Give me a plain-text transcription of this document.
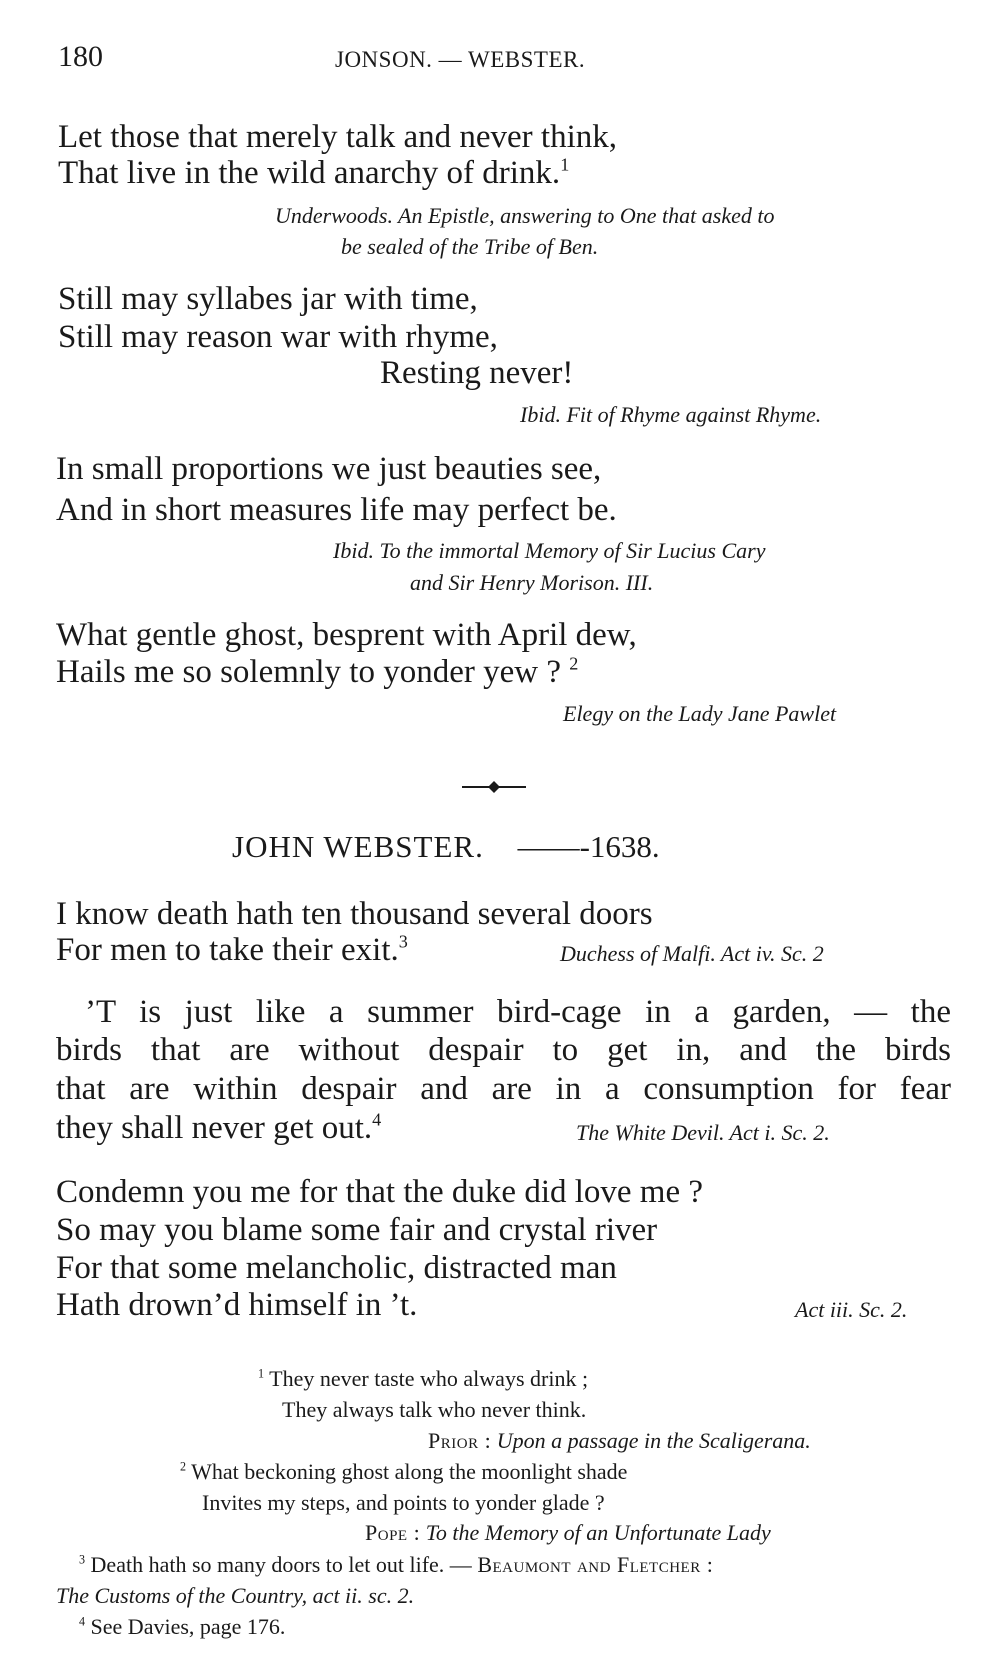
180	JONSON. — WEBSTER.
Let those that merely talk and never think,
That live in the wild anarchy of drink.$^1$
Underwoods. An Epistle, answering to One that asked to
be sealed of the Tribe of Ben.
Still may syllabes jar with time,
Still may reason war with rhyme,
Resting never!
Ibid. Fit of Rhyme against Rhyme.
In small proportions we just beauties see,
And in short measures life may perfect be.
Ibid. To the immortal Memory of Sir Lucius Cary
and Sir Henry Morison. III.
What gentle ghost, besprent with April dew,
Hails me so solemnly to yonder yew ? $^2$
Elegy on the Lady Jane Pawlet
JOHN WEBSTER. ——-1638.
I know death hath ten thousand several doors
For men to take their exit.$^3$	Duchess of Malfi. Act iv. Sc. 2
’T is just like a summer bird-cage in a garden, — the
birds that are without despair to get in, and the birds
that are within despair and are in a consumption for fear
they shall never get out.$^4$
The White Devil. Act i. Sc. 2.
Condemn you me for that the duke did love me ?
So may you blame some fair and crystal river
For that some melancholic, distracted man
Hath drown’d himself in ’t.	Act iii. Sc. 2.
$^1$ They never taste who always drink ;
They always talk who never think.
Prior : Upon a passage in the Scaligerana.
$^2$ What beckoning ghost along the moonlight shade
Invites my steps, and points to yonder glade ?
Pope : To the Memory of an Unfortunate Lady
$^3$ Death hath so many doors to let out life. — Beaumont and Fletcher :
The Customs of the Country, act ii. sc. 2.
$^4$ See Davies, page 176.
